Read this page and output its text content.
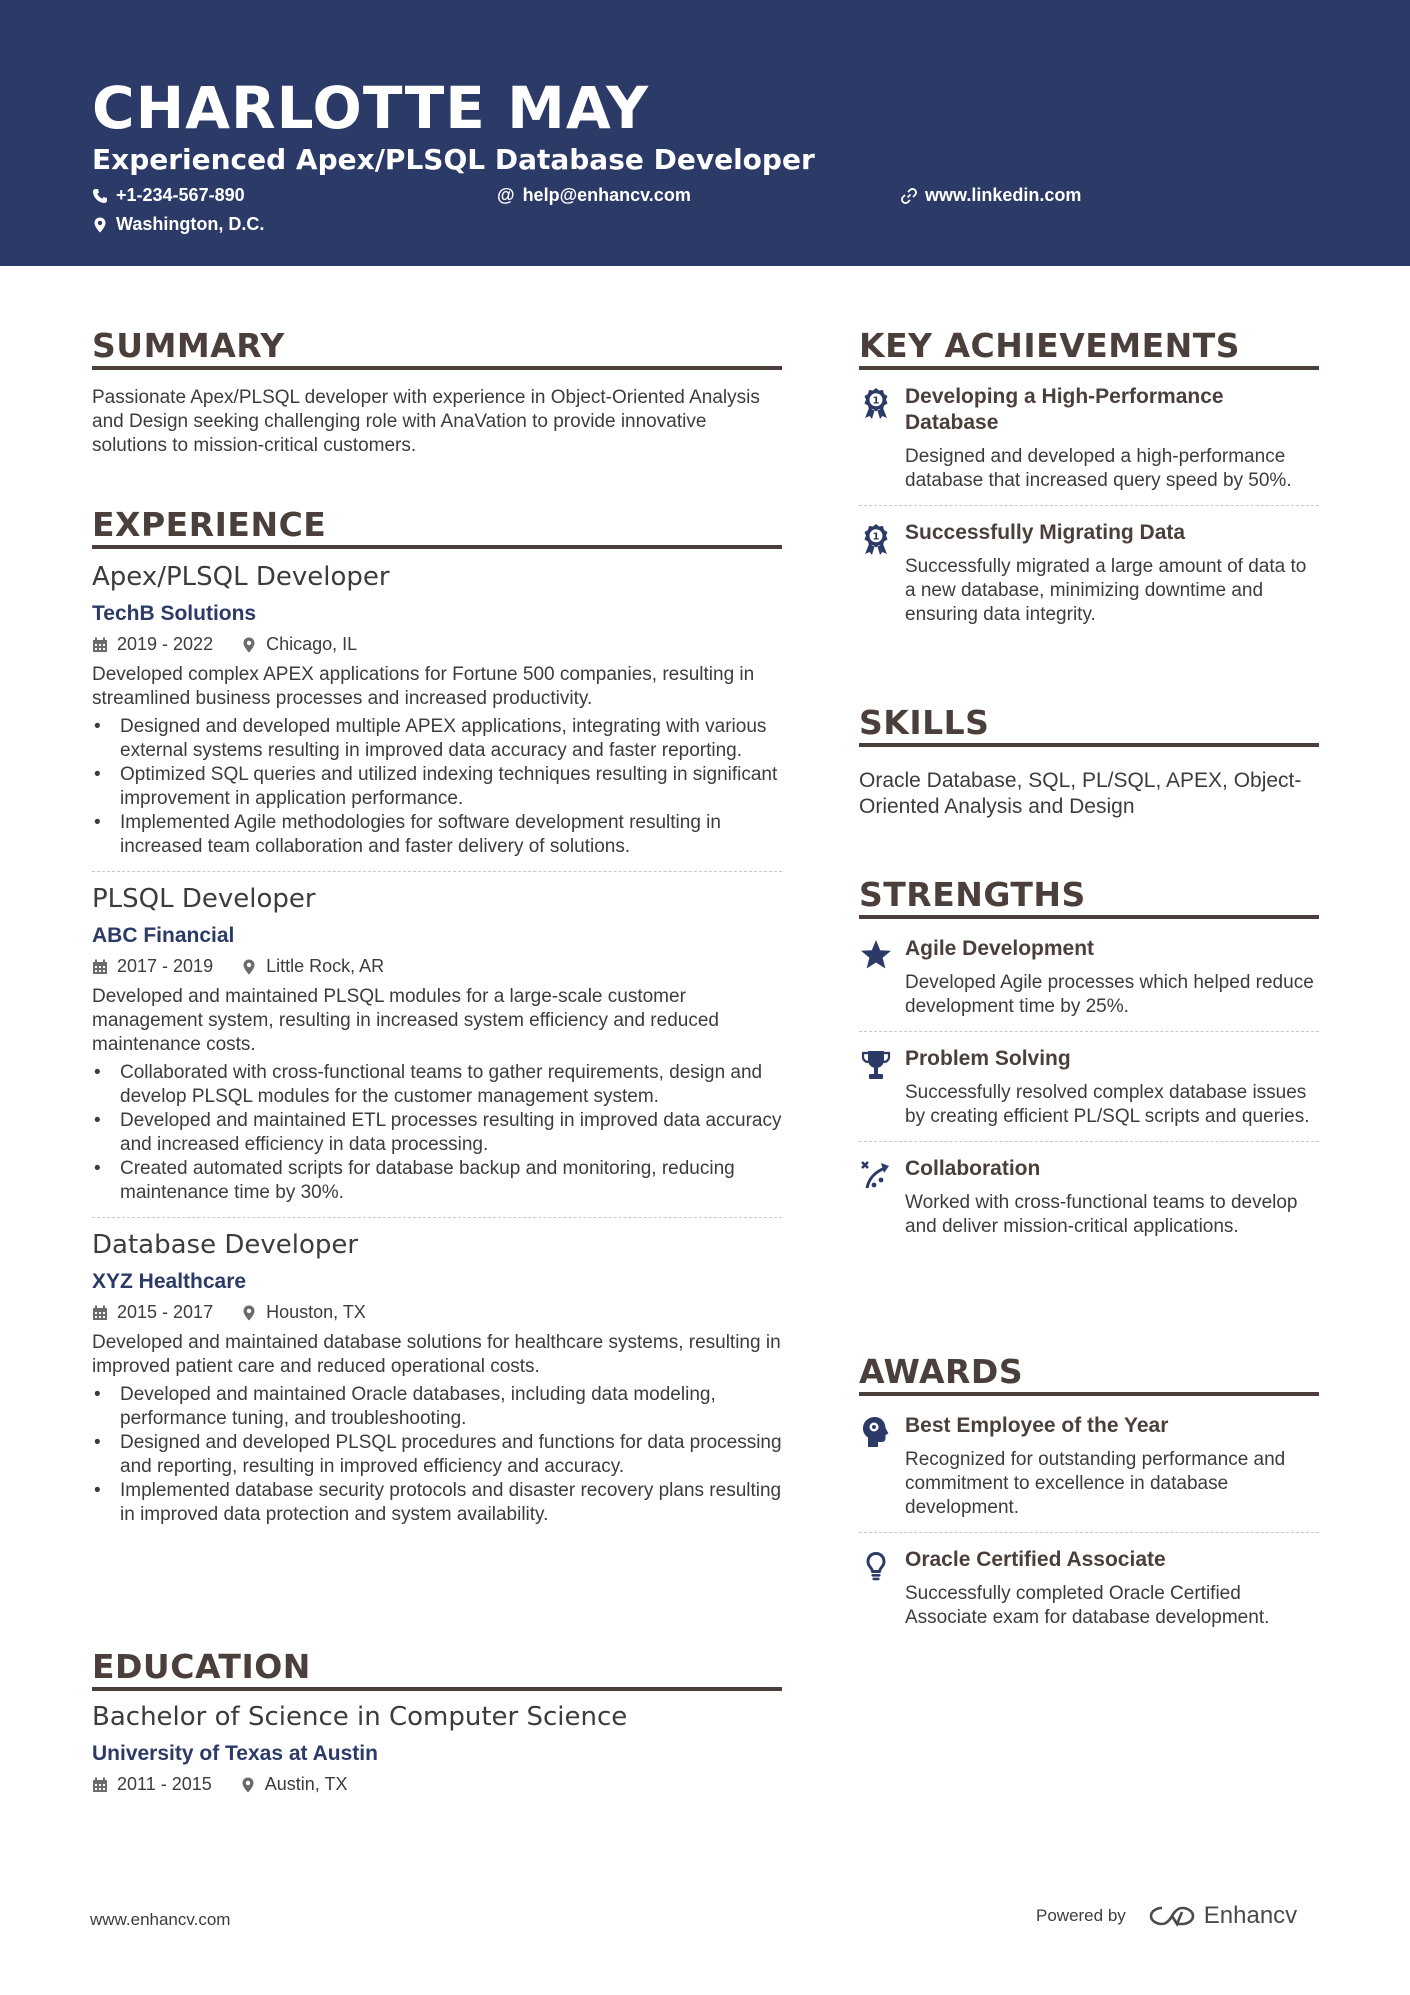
CHARLOTTE MAY
Experienced Apex/PLSQL Database Developer
+1-234-567-890	@ help@enhancv.com	www.linkedin.com
Washington, D.C.
SUMMARY
Passionate Apex/PLSQL developer with experience in Object-Oriented Analysis and Design seeking challenging role with AnaVation to provide innovative solutions to mission-critical customers.
EXPERIENCE
Apex/PLSQL Developer
TechB Solutions
2019 - 2022	Chicago, IL
Developed complex APEX applications for Fortune 500 companies, resulting in streamlined business processes and increased productivity.
• Designed and developed multiple APEX applications, integrating with various external systems resulting in improved data accuracy and faster reporting.
• Optimized SQL queries and utilized indexing techniques resulting in significant improvement in application performance.
• Implemented Agile methodologies for software development resulting in increased team collaboration and faster delivery of solutions.
PLSQL Developer
ABC Financial
2017 - 2019	Little Rock, AR
Developed and maintained PLSQL modules for a large-scale customer management system, resulting in increased system efficiency and reduced maintenance costs.
• Collaborated with cross-functional teams to gather requirements, design and develop PLSQL modules for the customer management system.
• Developed and maintained ETL processes resulting in improved data accuracy and increased efficiency in data processing.
• Created automated scripts for database backup and monitoring, reducing maintenance time by 30%.
Database Developer
XYZ Healthcare
2015 - 2017	Houston, TX
Developed and maintained database solutions for healthcare systems, resulting in improved patient care and reduced operational costs.
• Developed and maintained Oracle databases, including data modeling, performance tuning, and troubleshooting.
• Designed and developed PLSQL procedures and functions for data processing and reporting, resulting in improved efficiency and accuracy.
• Implemented database security protocols and disaster recovery plans resulting in improved data protection and system availability.
EDUCATION
Bachelor of Science in Computer Science
University of Texas at Austin
2011 - 2015	Austin, TX
KEY ACHIEVEMENTS
1 Developing a High-Performance Database
Designed and developed a high-performance database that increased query speed by 50%.
1 Successfully Migrating Data
Successfully migrated a large amount of data to a new database, minimizing downtime and ensuring data integrity.
SKILLS
Oracle Database, SQL, PL/SQL, APEX, Object-Oriented Analysis and Design
STRENGTHS
Agile Development
Developed Agile processes which helped reduce development time by 25%.
Problem Solving
Successfully resolved complex database issues by creating efficient PL/SQL scripts and queries.
Collaboration
Worked with cross-functional teams to develop and deliver mission-critical applications.
AWARDS
Best Employee of the Year
Recognized for outstanding performance and commitment to excellence in database development.
Oracle Certified Associate
Successfully completed Oracle Certified Associate exam for database development.
www.enhancv.com	Powered by	Enhancv
